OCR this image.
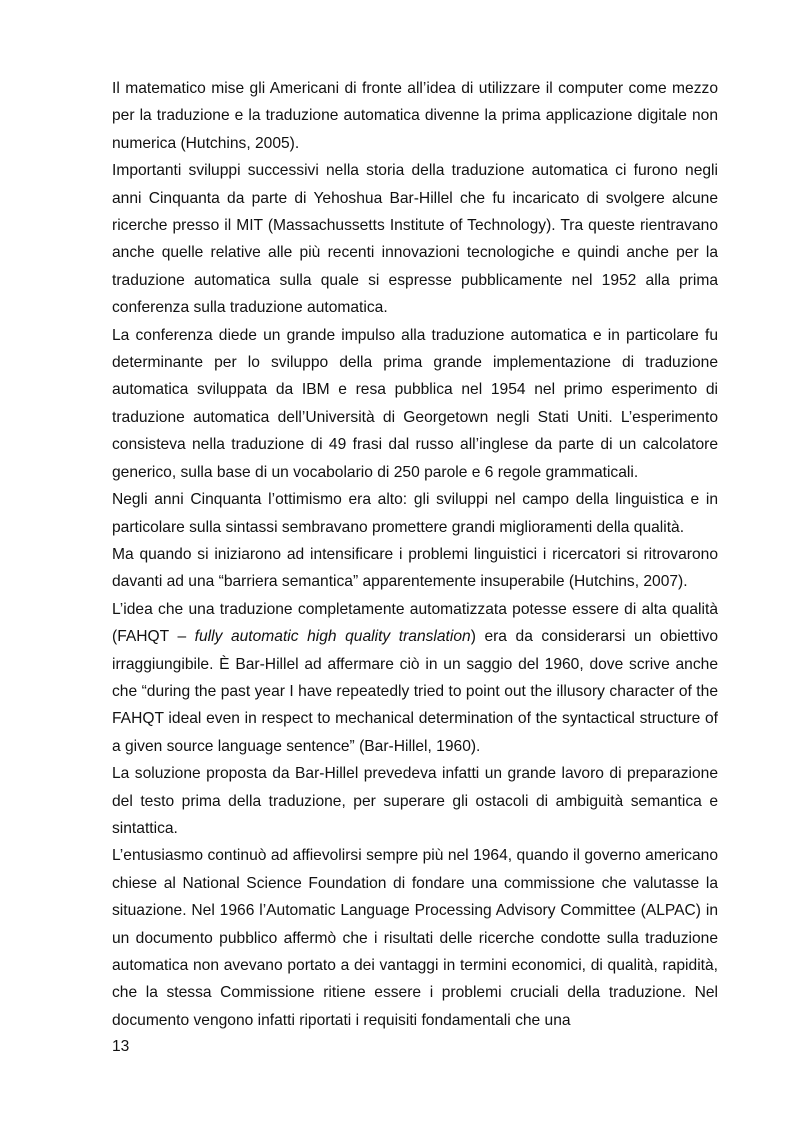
Il matematico mise gli Americani di fronte all’idea di utilizzare il computer come mezzo per la traduzione e la traduzione automatica divenne la prima applicazione digitale non numerica (Hutchins, 2005).

Importanti sviluppi successivi nella storia della traduzione automatica ci furono negli anni Cinquanta da parte di Yehoshua Bar-Hillel che fu incaricato di svolgere alcune ricerche presso il MIT (Massachussetts Institute of Technology). Tra queste rientravano anche quelle relative alle più recenti innovazioni tecnologiche e quindi anche per la traduzione automatica sulla quale si espresse pubblicamente nel 1952 alla prima conferenza sulla traduzione automatica.

La conferenza diede un grande impulso alla traduzione automatica e in particolare fu determinante per lo sviluppo della prima grande implementazione di traduzione automatica sviluppata da IBM e resa pubblica nel 1954 nel primo esperimento di traduzione automatica dell’Università di Georgetown negli Stati Uniti. L’esperimento consisteva nella traduzione di 49 frasi dal russo all’inglese da parte di un calcolatore generico, sulla base di un vocabolario di 250 parole e 6 regole grammaticali.

Negli anni Cinquanta l’ottimismo era alto: gli sviluppi nel campo della linguistica e in particolare sulla sintassi sembravano promettere grandi miglioramenti della qualità.

Ma quando si iniziarono ad intensificare i problemi linguistici i ricercatori si ritrovarono davanti ad una “barriera semantica” apparentemente insuperabile (Hutchins, 2007).

L’idea che una traduzione completamente automatizzata potesse essere di alta qualità (FAHQT – fully automatic high quality translation) era da considerarsi un obiettivo irraggiungibile. È Bar-Hillel ad affermare ciò in un saggio del 1960, dove scrive anche che “during the past year I have repeatedly tried to point out the illusory character of the FAHQT ideal even in respect to mechanical determination of the syntactical structure of a given source language sentence” (Bar-Hillel, 1960).

La soluzione proposta da Bar-Hillel prevedeva infatti un grande lavoro di preparazione del testo prima della traduzione, per superare gli ostacoli di ambiguità semantica e sintattica.

L’entusiasmo continuò ad affievolirsi sempre più nel 1964, quando il governo americano chiese al National Science Foundation di fondare una commissione che valutasse la situazione. Nel 1966 l’Automatic Language Processing Advisory Committee (ALPAC) in un documento pubblico affermò che i risultati delle ricerche condotte sulla traduzione automatica non avevano portato a dei vantaggi in termini economici, di qualità, rapidità, che la stessa Commissione ritiene essere i problemi cruciali della traduzione. Nel documento vengono infatti riportati i requisiti fondamentali che una

13
